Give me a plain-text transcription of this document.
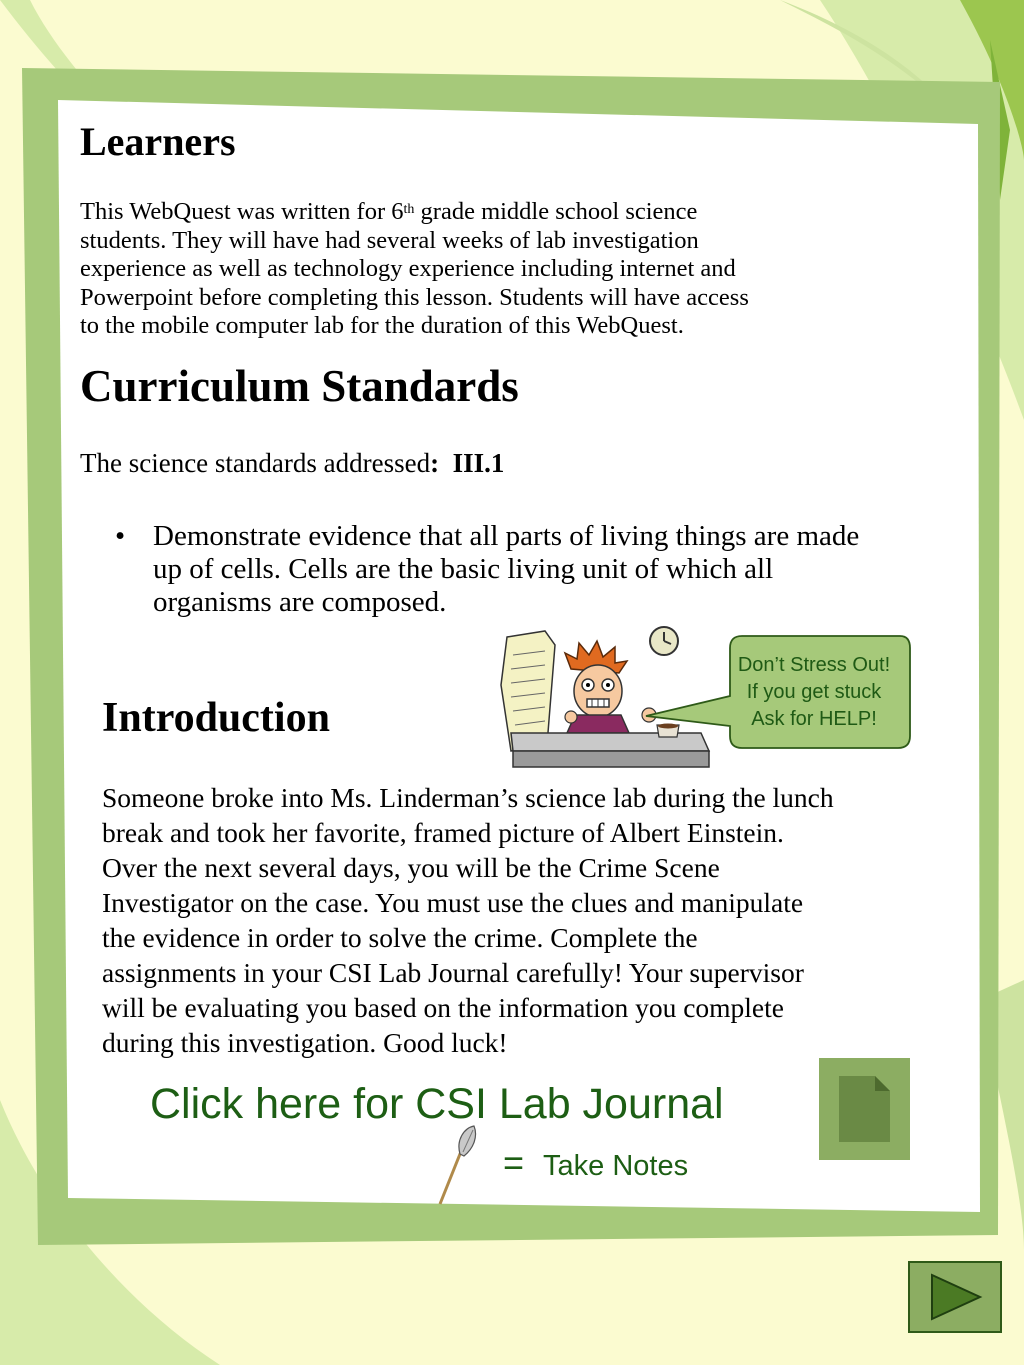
Learners

This WebQuest was written for 6th grade middle school science
students. They will have had several weeks of lab investigation
experience as well as technology experience including internet and
Powerpoint before completing this lesson. Students will have access
to the mobile computer lab for the duration of this WebQuest.

Curriculum Standards

The science standards addressed: III.1

• Demonstrate evidence that all parts of living things are made
up of cells. Cells are the basic living unit of which all
organisms are composed.
Introduction
Don’t Stress Out!
If you get stuck
Ask for HELP!

Someone broke into Ms. Linderman’s science lab during the lunch
break and took her favorite, framed picture of Albert Einstein.
Over the next several days, you will be the Crime Scene
Investigator on the case. You must use the clues and manipulate
the evidence in order to solve the crime. Complete the
assignments in your CSI Lab Journal carefully! Your supervisor
will be evaluating you based on the information you complete
during this investigation. Good luck!

Click here for CSI Lab Journal
= Take Notes
